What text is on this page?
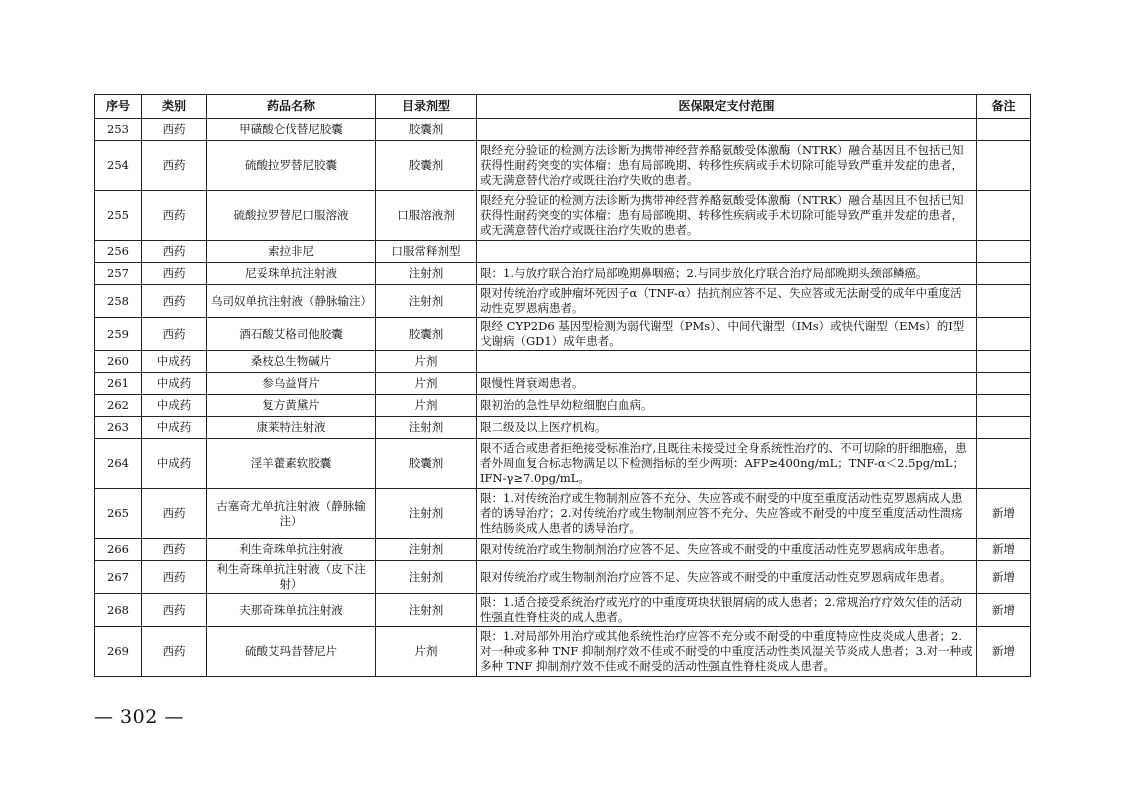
序号	类别	药品名称	目录剂型	医保限定支付范围	备注
253	西药	甲磺酸仑伐替尼胶囊	胶囊剂		
254	西药	硫酸拉罗替尼胶囊	胶囊剂	限经充分验证的检测方法诊断为携带神经营养酪氨酸受体激酶（NTRK）融合基因且不包括已知获得性耐药突变的实体瘤：患有局部晚期、转移性疾病或手术切除可能导致严重并发症的患者，或无满意替代治疗或既往治疗失败的患者。	
255	西药	硫酸拉罗替尼口服溶液	口服溶液剂	限经充分验证的检测方法诊断为携带神经营养酪氨酸受体激酶（NTRK）融合基因且不包括已知获得性耐药突变的实体瘤：患有局部晚期、转移性疾病或手术切除可能导致严重并发症的患者，或无满意替代治疗或既往治疗失败的患者。	
256	西药	索拉非尼	口服常释剂型		
257	西药	尼妥珠单抗注射液	注射剂	限：1.与放疗联合治疗局部晚期鼻咽癌；2.与同步放化疗联合治疗局部晚期头颈部鳞癌。	
258	西药	乌司奴单抗注射液（静脉输注）	注射剂	限对传统治疗或肿瘤坏死因子α（TNF-α）拮抗剂应答不足、失应答或无法耐受的成年中重度活动性克罗恩病患者。	
259	西药	酒石酸艾格司他胶囊	胶囊剂	限经 CYP2D6 基因型检测为弱代谢型（PMs）、中间代谢型（IMs）或快代谢型（EMs）的Ⅰ型戈谢病（GD1）成年患者。	
260	中成药	桑枝总生物碱片	片剂		
261	中成药	参乌益肾片	片剂	限慢性肾衰竭患者。	
262	中成药	复方黄黛片	片剂	限初治的急性早幼粒细胞白血病。	
263	中成药	康莱特注射液	注射剂	限二级及以上医疗机构。	
264	中成药	淫羊藿素软胶囊	胶囊剂	限不适合或患者拒绝接受标准治疗,且既往未接受过全身系统性治疗的、不可切除的肝细胞癌，患者外周血复合标志物满足以下检测指标的至少两项：AFP≥400ng/mL；TNF-α＜2.5pg/mL；IFN-γ≥7.0pg/mL。	
265	西药	古塞奇尤单抗注射液（静脉输注）	注射剂	限：1.对传统治疗或生物制剂应答不充分、失应答或不耐受的中度至重度活动性克罗恩病成人患者的诱导治疗；2.对传统治疗或生物制剂应答不充分、失应答或不耐受的中度至重度活动性溃疡性结肠炎成人患者的诱导治疗。	新增
266	西药	利生奇珠单抗注射液	注射剂	限对传统治疗或生物制剂治疗应答不足、失应答或不耐受的中重度活动性克罗恩病成年患者。	新增
267	西药	利生奇珠单抗注射液（皮下注射）	注射剂	限对传统治疗或生物制剂治疗应答不足、失应答或不耐受的中重度活动性克罗恩病成年患者。	新增
268	西药	夫那奇珠单抗注射液	注射剂	限：1.适合接受系统治疗或光疗的中重度斑块状银屑病的成人患者；2.常规治疗疗效欠佳的活动性强直性脊柱炎的成人患者。	新增
269	西药	硫酸艾玛昔替尼片	片剂	限：1.对局部外用治疗或其他系统性治疗应答不充分或不耐受的中重度特应性皮炎成人患者；2.对一种或多种 TNF 抑制剂疗效不佳或不耐受的中重度活动性类风湿关节炎成人患者；3.对一种或多种 TNF 抑制剂疗效不佳或不耐受的活动性强直性脊柱炎成人患者。	新增
— 302 —
